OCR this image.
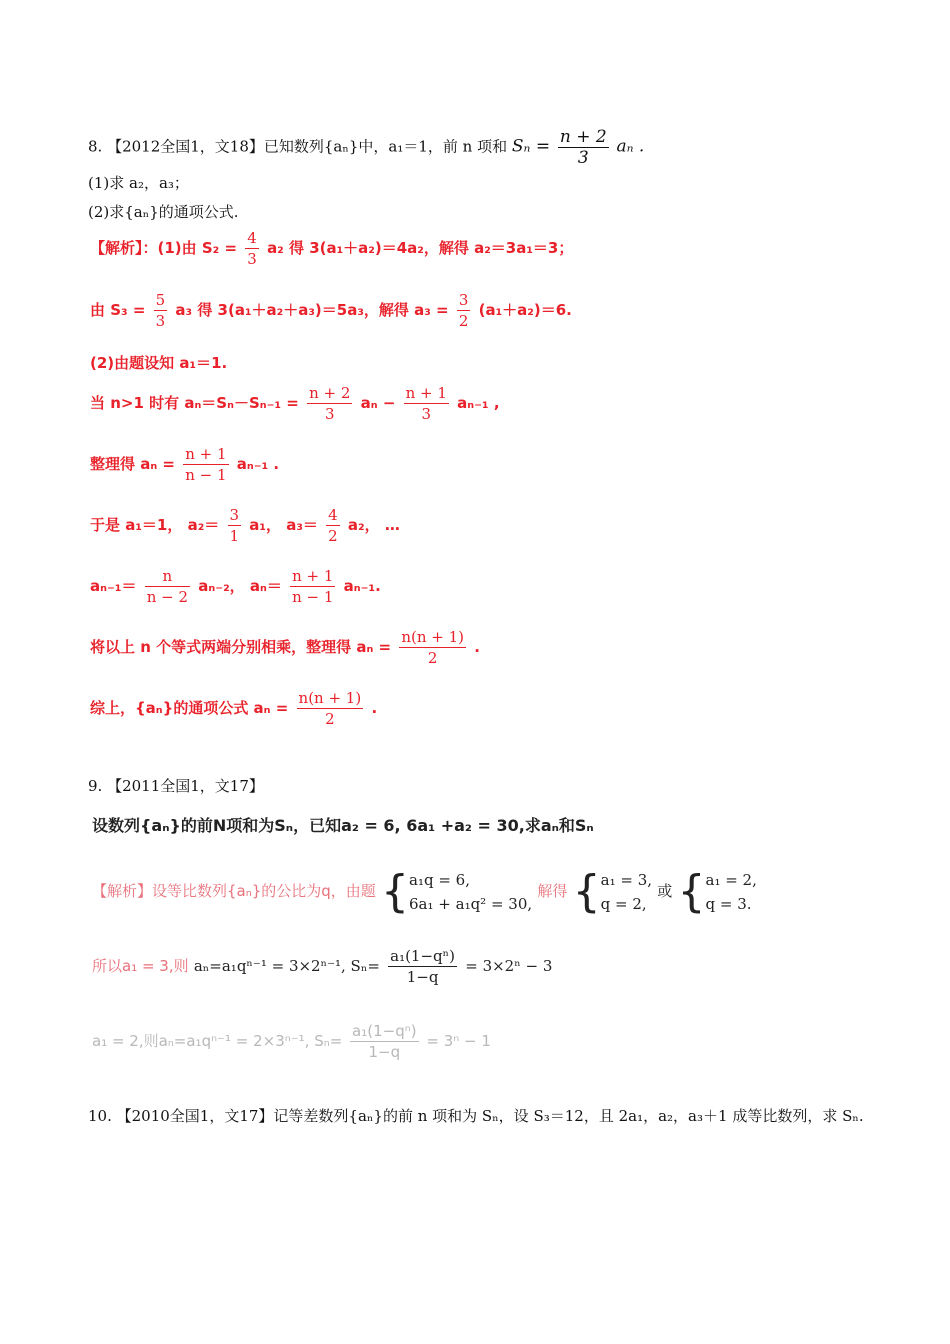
8. 【2012全国1，文18】已知数列{aₙ}中，a₁＝1，前 n 项和 $S_n = \frac{n + 2}{3}$ aₙ .
(1)求 a₂，a₃；
(2)求{aₙ}的通项公式.
【解析】：(1)由 $S_2 = \frac{4}{3} a_2$ 得 3(a₁＋a₂)＝4a₂，解得 a₂＝3a₁＝3；
由 $S_3 = \frac{5}{3} a_3$ 得 3(a₁＋a₂＋a₃)＝5a₃，解得 $a_3 = \frac{3}{2} (a_1+a_2)=6$.
(2)由题设知 a₁＝1.
当 n>1 时有 $a_n=S_n-S_{n-1} = \frac{n + 2}{3}$ $a_n - \frac{n + 1}{3} a_{n-1}$ ,
整理得 $a_n = \frac{n + 1}{n - 1} a_{n-1}$ .
于是 a₁＝1， $a_2= \frac{3}{1} a_1$， $a_3= \frac{4}{2} a_2$， …
$a_{n-1}= \frac{n}{n - 2} a_{n-2}$， $a_n= \frac{n + 1}{n - 1} a_{n-1}$.
将以上 n 个等式两端分别相乘，整理得 $a_n = \frac{n(n + 1)}{2}$ .
综上，{aₙ}的通项公式 $a_n = \frac{n(n + 1)}{2}$ .
9. 【2011全国1，文17】
设数列{aₙ}的前N项和为Sₙ，已知a₂ = 6, 6a₁ +a₂ = 30,求aₙ和Sₙ
【解析】设等比数列{aₙ}的公比为q，由题 { a₁q = 6,
6a₁ + a₁q² = 30,
解得 { a₁ = 3,
q = 2,
或 { a₁ = 2,
q = 3.
所以a₁ = 3,则 aₙ=a₁qⁿ⁻¹ = 3×2ⁿ⁻¹, $S_n= \frac{\text{a₁(1−qⁿ)}}{1-q} = 3\times 2^n - 3$
a₁ = 2,则aₙ=a₁qⁿ⁻¹ = 2×3ⁿ⁻¹, $S_n= \frac{\text{a₁(1−qⁿ)}}{1-q} = 3^n - 1$
10. 【2010全国1，文17】记等差数列{aₙ}的前 n 项和为 Sₙ，设 S₃＝12，且 2a₁，a₂，a₃＋1 成等比数列，求 Sₙ.
